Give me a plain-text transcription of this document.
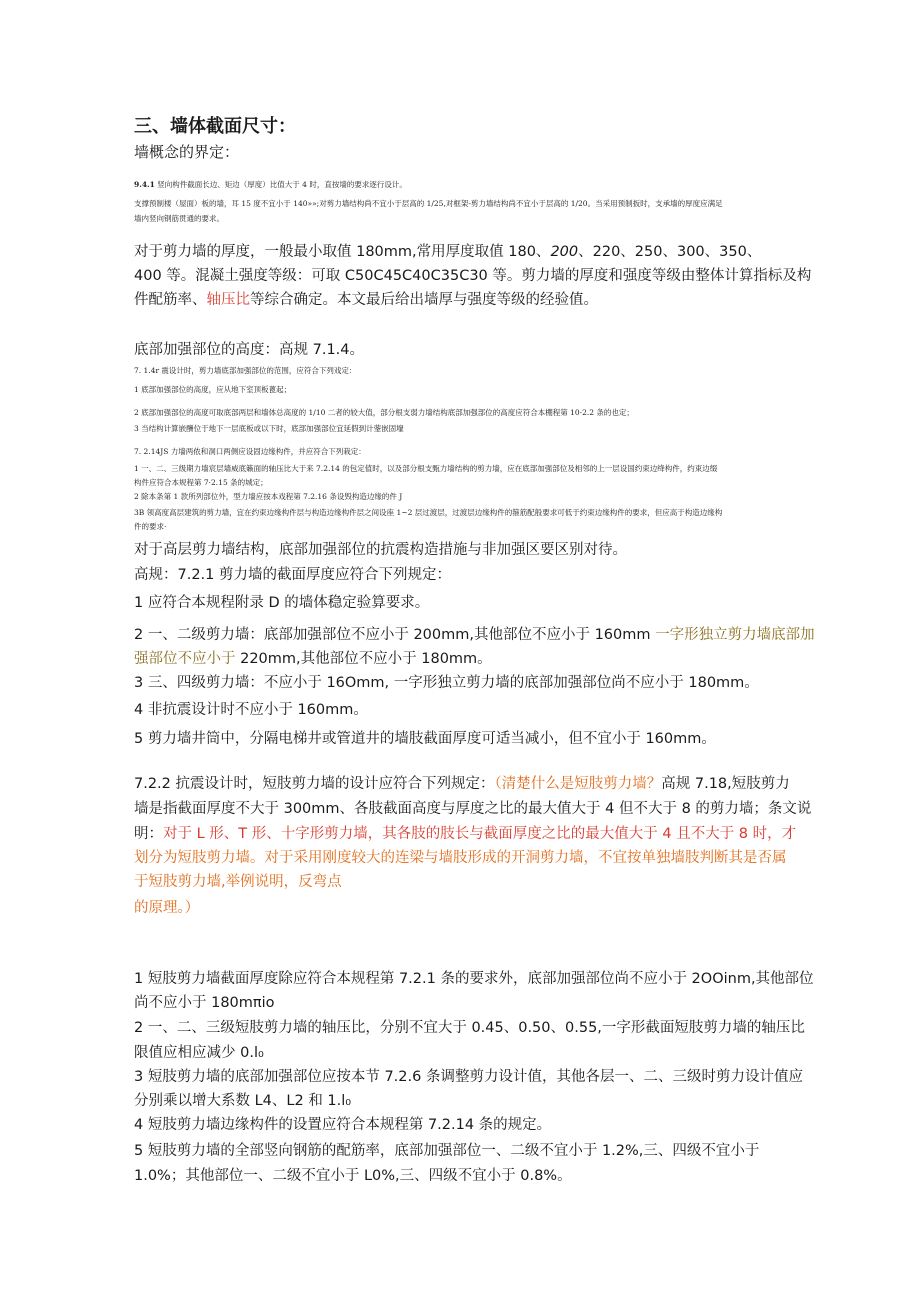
三、墙体截面尺寸：
墙概念的界定：
9.4.1 竖向构件截面长边、矩边（厚度）比值大于 4 时，直按墙的要求逐行设计。
支撑预制楼（屋面）板的墙，耳 15 度不宜小于 140»»;对剪力墙结构尚不宜小于层高的 1/25,对框架-剪力墙结构尚不宜小于层高的 1/20。当采用预制扳时，支承墙的厚度应满足
墙内竖向钢筋贯通的要求。
对于剪力墙的厚度，一般最小取值 180mm,常用厚度取值 180、200、220、250、300、350、
400 等。混凝土强度等级：可取 C50C45C40C35C30 等。剪力墙的厚度和强度等级由整体计算指标及构
件配筋率、轴压比等综合确定。本文最后给出墙厚与强度等级的经验值。
底部加强部位的高度：高规 7.1.4。
7. 1.4r 震设计时，剪力墙底部加强部位的范围，应符合下列戏定：
1 底部加强部位的高度，应从地下室顶板蓖起；
2 底部加强部位的高度可取底部两层和墙体总高度的 1/10 二者的较大值，部分根支弱力墙结构底部加强部位的高度应符合本棚程第 10·2.2 条的也定；
3 当结构计算嵌酬位于地下一层底板或以下时，底部加强部位宜延假到计蓥嵌固壕
7. 2.14JS 力墙两侬和洞口两侧应设固边缘构件，并应符合下列栽定：
1 一、二、三级期力墙宸层墙威底籁面的轴压比大于来 7.2.14 的包定值时，以及部分根支甄力墙结构的剪力墙，应在底部加强部位及相邻的上一层设国约束边绛构件，约束边缀
构件应符合本规程第 7·2.15 条的城定；
2 除本条第 1 款所列部位外，型力墙应按本戏程第 7.2.16 条设毁构造边缘的件 J
3B 领高度高层建筑的剪力墙，宜在约束边缘构件层与构造边缘构件层之间设座 1~2 层过渡层，过渡层边缘构件的箍筋配般要求可低于约束边缘构件的要求，但应高于构造边缘构
件的要求·
对于高层剪力墙结构，底部加强部位的抗震构造措施与非加强区要区别对待。
高规：7.2.1 剪力墙的截面厚度应符合下列规定：
1 应符合本规程附录 D 的墙体稳定验算要求。
2 一、二级剪力墙：底部加强部位不应小于 200mm,其他部位不应小于 160mm 一字形独立剪力墙底部加
强部位不应小于 220mm,其他部位不应小于 180mm。
3 三、四级剪力墙：不应小于 16Omm, 一字形独立剪力墙的底部加强部位尚不应小于 180mm。
4 非抗震设计时不应小于 160mm。
5 剪力墙井筒中，分隔电梯井或管道井的墙肢截面厚度可适当减小，但不宜小于 160mm。
7.2.2 抗震设计时，短肢剪力墙的设计应符合下列规定：（清楚什么是短肢剪力墙？高规 7.18,短肢剪力
墙是指截面厚度不大于 300mm、各肢截面高度与厚度之比的最大值大于 4 但不大于 8 的剪力墙；条文说
明：对于 L 形、T 形、十字形剪力墙，其各肢的肢长与截面厚度之比的最大值大于 4 且不大于 8 时，才
划分为短肢剪力墙。对于采用刚度较大的连梁与墙肢形成的开洞剪力墙，不宜按单独墙肢判断其是否属
于短肢剪力墙,举例说明，反弯点
的原理。）
1 短肢剪力墙截面厚度除应符合本规程第 7.2.1 条的要求外，底部加强部位尚不应小于 2OOinm,其他部位
尚不应小于 180mπio
2 一、二、三级短肢剪力墙的轴压比，分别不宜大于 0.45、0.50、0.55,一字形截面短肢剪力墙的轴压比
限值应相应减少 0.l₀
3 短肢剪力墙的底部加强部位应按本节 7.2.6 条调整剪力设计值，其他各层一、二、三级时剪力设计值应
分别乘以增大系数 L4、L2 和 1.l₀
4 短肢剪力墙边缘构件的设置应符合本规程第 7.2.14 条的规定。
5 短肢剪力墙的全部竖向钢筋的配筋率，底部加强部位一、二级不宜小于 1.2%,三、四级不宜小于
1.0%；其他部位一、二级不宜小于 L0%,三、四级不宜小于 0.8%。
